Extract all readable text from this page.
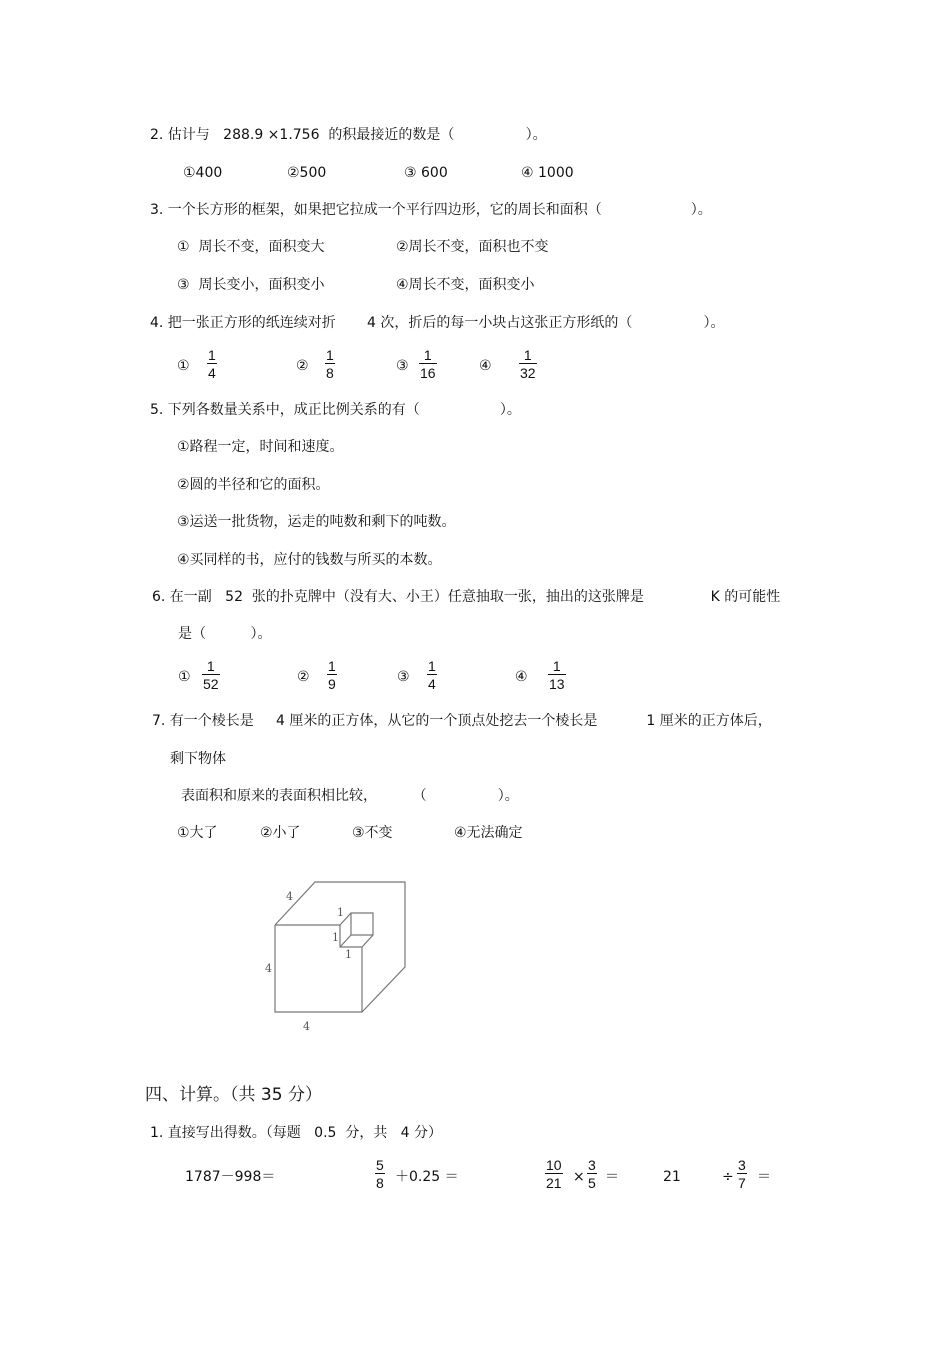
2. 估计与   288.9 ×1.756  的积最接近的数是（                ）。
①400	②500	③ 600	④ 1000
3. 一个长方形的框架，如果把它拉成一个平行四边形，它的周长和面积（                    ）。
①  周长不变，面积变大	②周长不变，面积也不变
③  周长变小，面积变小	④周长不变，面积变小
4. 把一张正方形的纸连续对折       4 次，折后的每一小块占这张正方形纸的（                ）。
① $\frac{1}{4}$	② $\frac{1}{8}$	③ $\frac{1}{16}$	④ $\frac{1}{32}$
5. 下列各数量关系中，成正比例关系的有（                  ）。
①路程一定，时间和速度。
②圆的半径和它的面积。
③运送一批货物，运走的吨数和剩下的吨数。
④买同样的书，应付的钱数与所买的本数。
6. 在一副   52  张的扑克牌中（没有大、小王）任意抽取一张，抽出的这张牌是               K 的可能性
是（          ）。
① $\frac{1}{52}$	② $\frac{1}{9}$	③ $\frac{1}{4}$	④ $\frac{1}{13}$
7. 有一个棱长是     4 厘米的正方体，从它的一个顶点处挖去一个棱长是           1 厘米的正方体后，
剩下物体
表面积和原来的表面积相比较，        （                ）。
①大了	②小了	③不变	④无法确定
4
4
4
1
1
1
四、计算。（共 35 分）
1. 直接写出得数。（每题   0.5  分，共   4 分）
1787－998＝	$\frac{5}{8} +0.25$ ＝	$\frac{10}{21} \times \frac{3}{5}$ ＝	21	÷ $\frac{3}{7}$ ＝
